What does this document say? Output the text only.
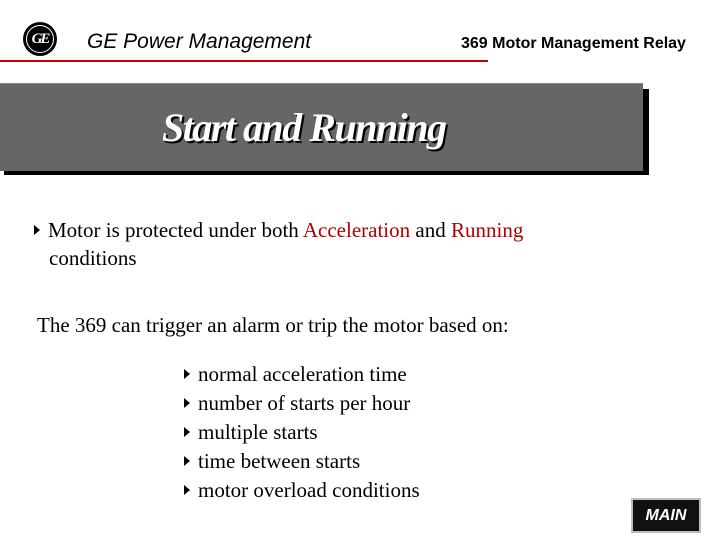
GE GE Power Management	369 Motor Management Relay
Start and Running
Motor is protected under both Acceleration and Running
conditions
The 369 can trigger an alarm or trip the motor based on:
normal acceleration time
number of starts per hour
multiple starts
time between starts
motor overload conditions
MAIN
